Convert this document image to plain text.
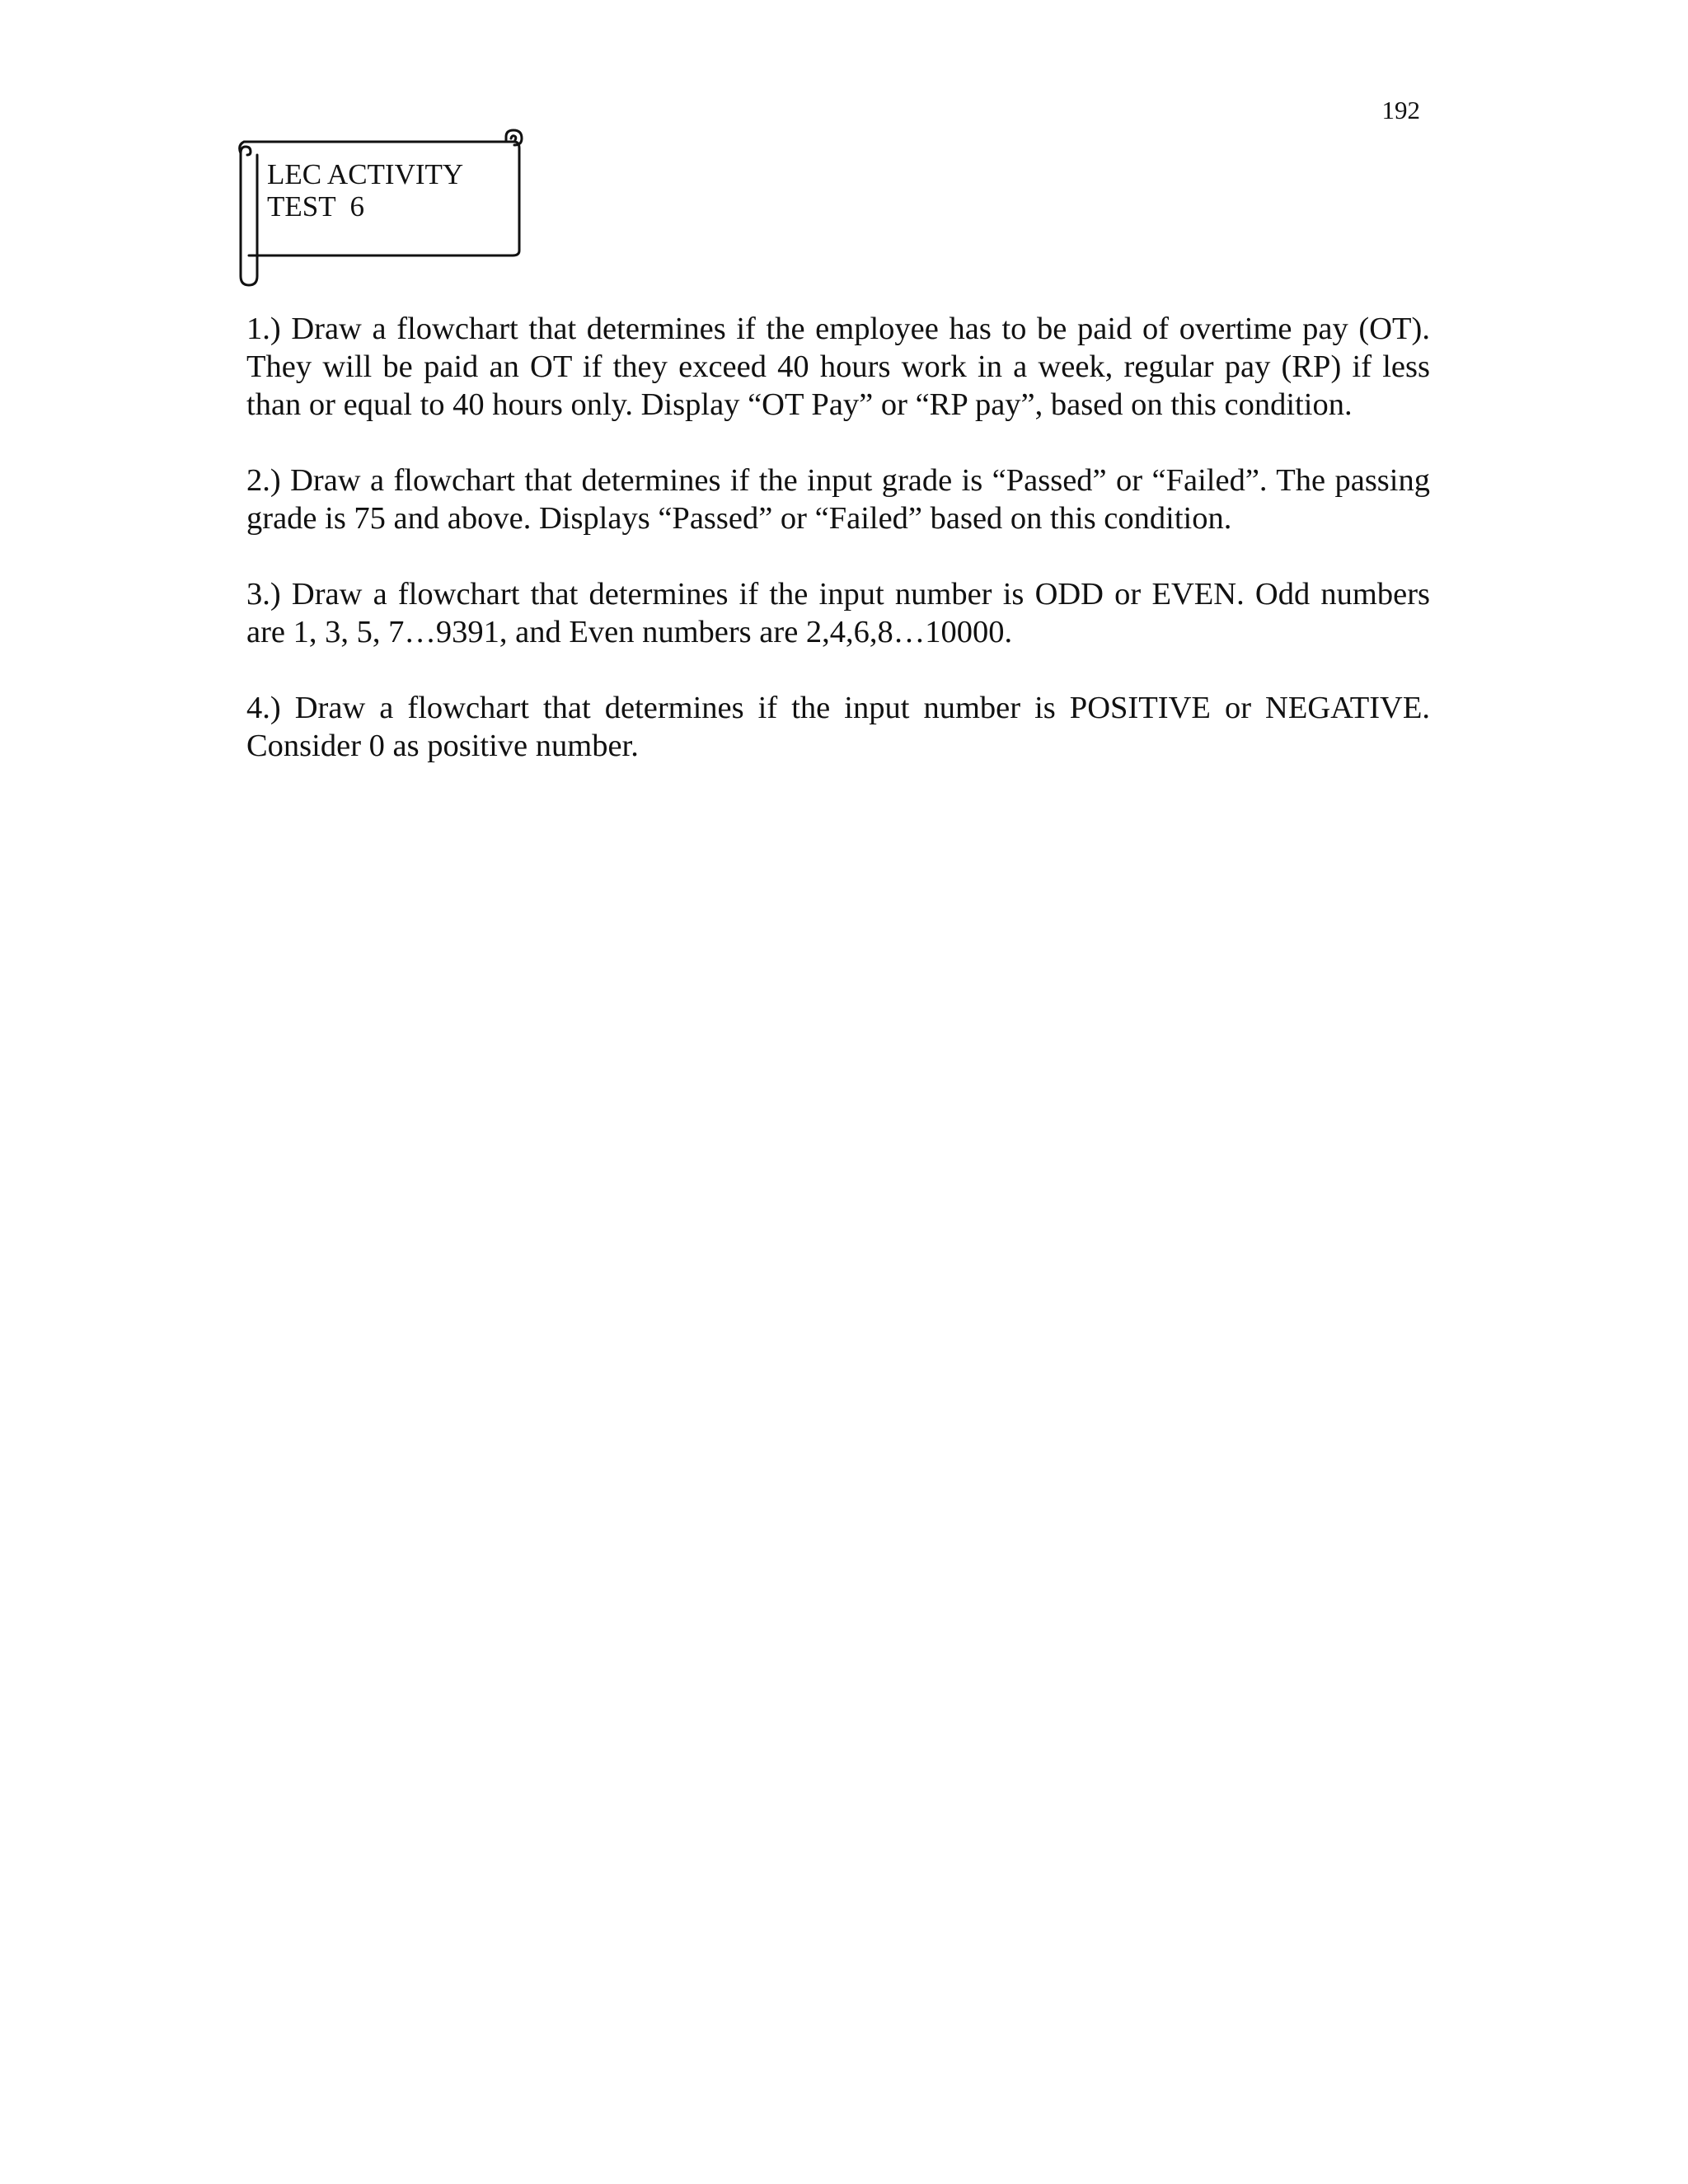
192
LEC ACTIVITY
TEST  6
1.) Draw a flowchart that determines if the employee has to be paid of overtime pay (OT). They will be paid an OT if they exceed 40 hours work in a week, regular pay (RP) if less than or equal to 40 hours only. Display “OT Pay” or “RP pay”, based on this condition.
2.) Draw a flowchart that determines if the input grade is “Passed” or “Failed”. The passing grade is 75 and above. Displays “Passed” or “Failed” based on this condition.
3.) Draw a flowchart that determines if the input number is ODD or EVEN. Odd numbers are 1, 3, 5, 7…9391, and Even numbers are 2,4,6,8…10000.
4.) Draw a flowchart that determines if the input number is POSITIVE or NEGATIVE. Consider 0 as positive number.
